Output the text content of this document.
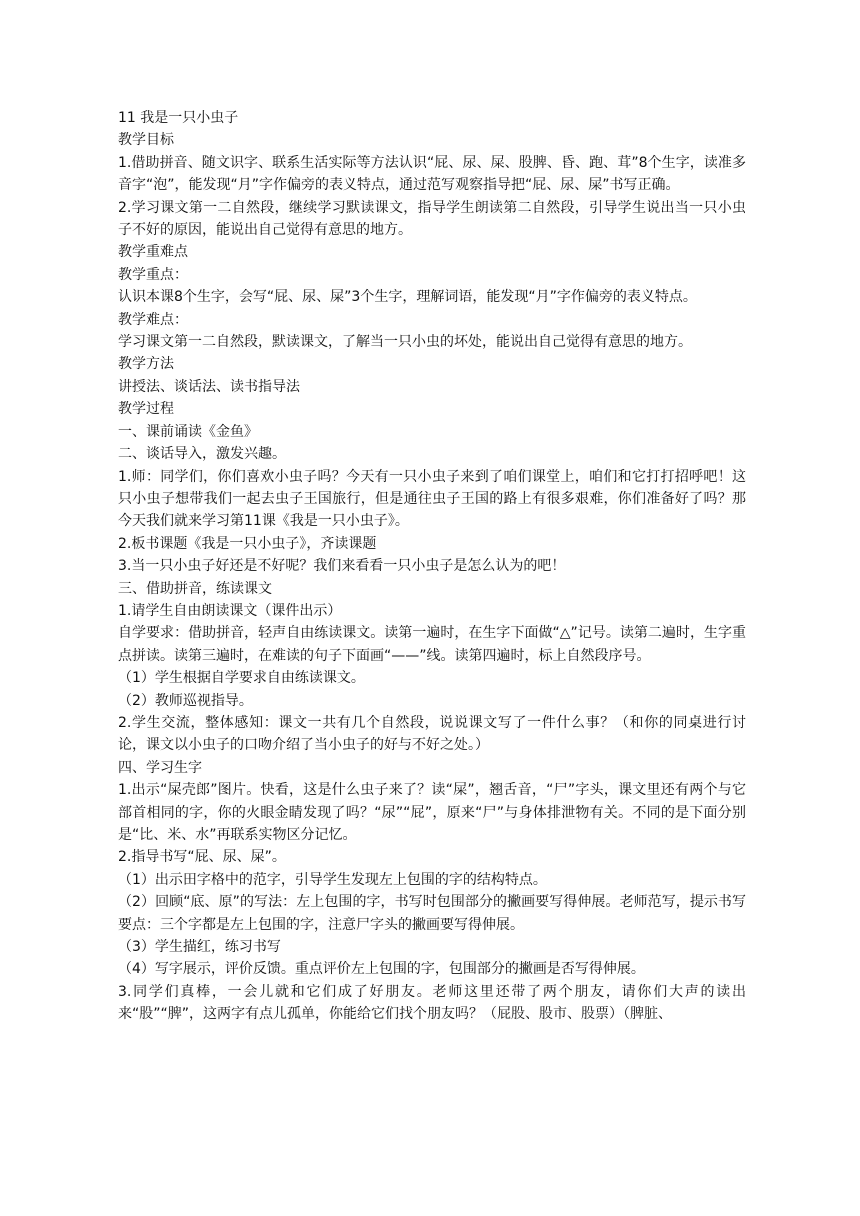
11 我是一只小虫子
教学目标
1.借助拼音、随文识字、联系生活实际等方法认识“屁、尿、屎、股脾、昏、跑、茸”8个生字，读准多音字“泡”，能发现“月”字作偏旁的表义特点，通过范写观察指导把“屁、尿、屎”书写正确。
2.学习课文第一二自然段，继续学习默读课文，指导学生朗读第二自然段，引导学生说出当一只小虫子不好的原因，能说出自己觉得有意思的地方。
教学重难点
教学重点：
认识本课8个生字，会写“屁、尿、屎”3个生字，理解词语，能发现“月”字作偏旁的表义特点。
教学难点：
学习课文第一二自然段，默读课文，了解当一只小虫的坏处，能说出自己觉得有意思的地方。
教学方法
讲授法、谈话法、读书指导法
教学过程
一、课前诵读《金鱼》
二、谈话导入，激发兴趣。
1.师：同学们，你们喜欢小虫子吗？今天有一只小虫子来到了咱们课堂上，咱们和它打打招呼吧！这只小虫子想带我们一起去虫子王国旅行，但是通往虫子王国的路上有很多艰难，你们准备好了吗？那今天我们就来学习第11课《我是一只小虫子》。
2.板书课题《我是一只小虫子》，齐读课题
3.当一只小虫子好还是不好呢？我们来看看一只小虫子是怎么认为的吧！
三、借助拼音，练读课文
1.请学生自由朗读课文（课件出示）
自学要求：借助拼音，轻声自由练读课文。读第一遍时，在生字下面做“△”记号。读第二遍时，生字重点拼读。读第三遍时，在难读的句子下面画“——”线。读第四遍时，标上自然段序号。
（1）学生根据自学要求自由练读课文。
（2）教师巡视指导。
2.学生交流，整体感知：课文一共有几个自然段，说说课文写了一件什么事？（和你的同桌进行讨论，课文以小虫子的口吻介绍了当小虫子的好与不好之处。）
四、学习生字
1.出示“屎壳郎”图片。快看，这是什么虫子来了？读“屎”，翘舌音，“尸”字头，课文里还有两个与它部首相同的字，你的火眼金睛发现了吗？“尿”“屁”，原来“尸”与身体排泄物有关。不同的是下面分别是“比、米、水”再联系实物区分记忆。
2.指导书写“屁、尿、屎”。
（1）出示田字格中的范字，引导学生发现左上包围的字的结构特点。
（2）回顾“底、原”的写法：左上包围的字，书写时包围部分的撇画要写得伸展。老师范写，提示书写要点：三个字都是左上包围的字，注意尸字头的撇画要写得伸展。
（3）学生描红，练习书写
（4）写字展示，评价反馈。重点评价左上包围的字，包围部分的撇画是否写得伸展。
3.同学们真棒，一会儿就和它们成了好朋友。老师这里还带了两个朋友，请你们大声的读出来“股”“脾”，这两字有点儿孤单，你能给它们找个朋友吗？（屁股、股市、股票）（脾脏、
